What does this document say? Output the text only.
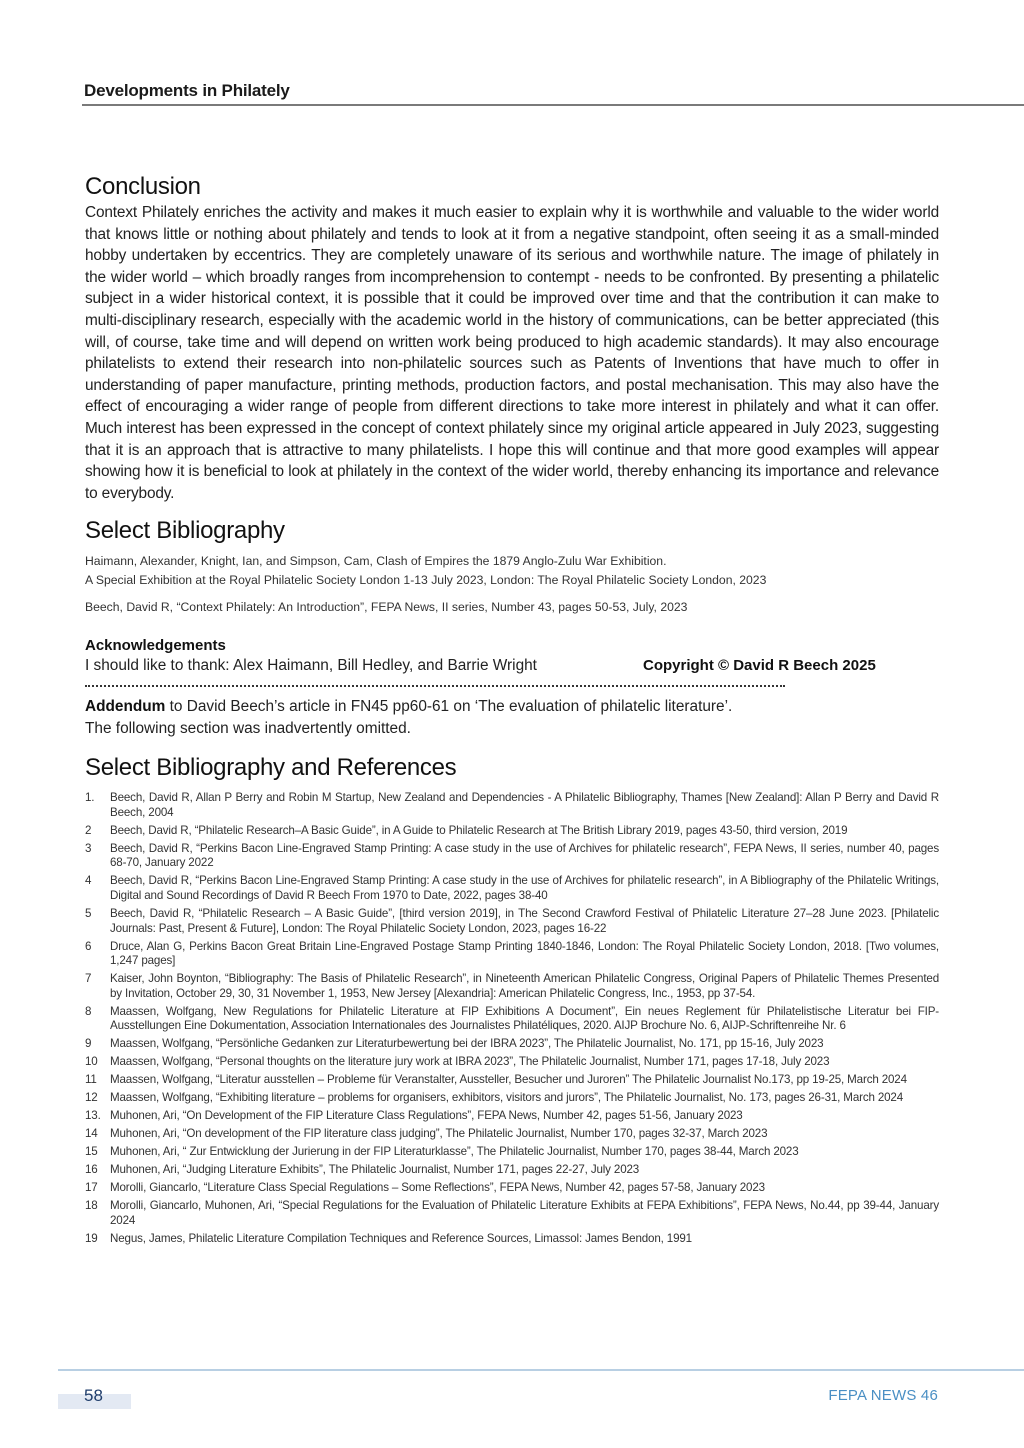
Developments in Philately
Conclusion

Context Philately enriches the activity and makes it much easier to explain why it is worthwhile and valuable to the wider world that knows little or nothing about philately and tends to look at it from a negative standpoint, often seeing it as a small-minded hobby undertaken by eccentrics. They are completely unaware of its serious and worthwhile nature. The image of philately in the wider world – which broadly ranges from incomprehension to contempt - needs to be confronted. By presenting a philatelic subject in a wider historical context, it is possible that it could be improved over time and that the contribution it can make to multi-disciplinary research, especially with the academic world in the history of communications, can be better appreciated (this will, of course, take time and will depend on written work being produced to high academic standards). It may also encourage philatelists to extend their research into non-philatelic sources such as Patents of Inventions that have much to offer in understanding of paper manufacture, printing methods, production factors, and postal mechanisation. This may also have the effect of encouraging a wider range of people from different directions to take more interest in philately and what it can offer. Much interest has been expressed in the concept of context philately since my original article appeared in July 2023, suggesting that it is an approach that is attractive to many philatelists. I hope this will continue and that more good examples will appear showing how it is beneficial to look at philately in the context of the wider world, thereby enhancing its importance and relevance to everybody.

Select Bibliography

Haimann, Alexander, Knight, Ian, and Simpson, Cam, Clash of Empires the 1879 Anglo-Zulu War Exhibition.

A Special Exhibition at the Royal Philatelic Society London 1-13 July 2023, London: The Royal Philatelic Society London, 2023

Beech, David R, “Context Philately: An Introduction”, FEPA News, II series, Number 43, pages 50-53, July, 2023

Acknowledgements
I should like to thank: Alex Haimann, Bill Hedley, and Barrie Wright	Copyright © David R Beech 2025
Addendum to David Beech’s article in FN45 pp60-61 on ‘The evaluation of philatelic literature’.
The following section was inadvertently omitted.
Select Bibliography and References
1.	Beech, David R, Allan P Berry and Robin M Startup, New Zealand and Dependencies - A Philatelic Bibliography, Thames [New Zealand]: Allan P Berry and David R Beech, 2004
2	Beech, David R, “Philatelic Research–A Basic Guide”, in A Guide to Philatelic Research at The British Library 2019, pages 43-50, third version, 2019
3	Beech, David R, “Perkins Bacon Line-Engraved Stamp Printing: A case study in the use of Archives for philatelic research”, FEPA News, II series, number 40, pages 68-70, January 2022
4	Beech, David R, “Perkins Bacon Line-Engraved Stamp Printing: A case study in the use of Archives for philatelic research”, in A Bibliography of the Philatelic Writings, Digital and Sound Recordings of David R Beech From 1970 to Date, 2022, pages 38-40
5	Beech, David R, “Philatelic Research – A Basic Guide”, [third version 2019], in The Second Crawford Festival of Philatelic Literature 27–28 June 2023. [Philatelic Journals: Past, Present & Future], London: The Royal Philatelic Society London, 2023, pages 16-22
6	Druce, Alan G, Perkins Bacon Great Britain Line-Engraved Postage Stamp Printing 1840-1846, London: The Royal Philatelic Society London, 2018. [Two volumes, 1,247 pages]
7	Kaiser, John Boynton, “Bibliography: The Basis of Philatelic Research”, in Nineteenth American Philatelic Congress, Original Papers of Philatelic Themes Presented by Invitation, October 29, 30, 31 November 1, 1953, New Jersey [Alexandria]: American Philatelic Congress, Inc., 1953, pp 37-54.
8	Maassen, Wolfgang, New Regulations for Philatelic Literature at FIP Exhibitions A Document”, Ein neues Reglement für Philatelistische Literatur bei FIP-Ausstellungen Eine Dokumentation, Association Internationales des Journalistes Philatéliques, 2020. AIJP Brochure No. 6, AIJP-Schriftenreihe Nr. 6
9	Maassen, Wolfgang, “Persönliche Gedanken zur Literaturbewertung bei der IBRA 2023”, The Philatelic Journalist, No. 171, pp 15-16, July 2023
10	Maassen, Wolfgang, “Personal thoughts on the literature jury work at IBRA 2023”, The Philatelic Journalist, Number 171, pages 17-18, July 2023
11	Maassen, Wolfgang, “Literatur ausstellen – Probleme für Veranstalter, Aussteller, Besucher und Juroren” The Philatelic Journalist No.173, pp 19-25, March 2024
12	Maassen, Wolfgang, “Exhibiting literature – problems for organisers, exhibitors, visitors and jurors”, The Philatelic Journalist, No. 173, pages 26-31, March 2024
13. Muhonen, Ari, “On Development of the FIP Literature Class Regulations”, FEPA News, Number 42, pages 51-56, January 2023
14	Muhonen, Ari, “On development of the FIP literature class judging”, The Philatelic Journalist, Number 170, pages 32-37, March 2023
15	Muhonen, Ari, “ Zur Entwicklung der Jurierung in der FIP Literaturklasse”, The Philatelic Journalist, Number 170, pages 38-44, March 2023
16	Muhonen, Ari, “Judging Literature Exhibits”, The Philatelic Journalist, Number 171, pages 22-27, July 2023
17	Morolli, Giancarlo, “Literature Class Special Regulations – Some Reflections”, FEPA News, Number 42, pages 57-58, January 2023
18	Morolli, Giancarlo, Muhonen, Ari, “Special Regulations for the Evaluation of Philatelic Literature Exhibits at FEPA Exhibitions”, FEPA News, No.44, pp 39-44, January 2024
19	Negus, James, Philatelic Literature Compilation Techniques and Reference Sources, Limassol: James Bendon, 1991
58	FEPA NEWS 46
